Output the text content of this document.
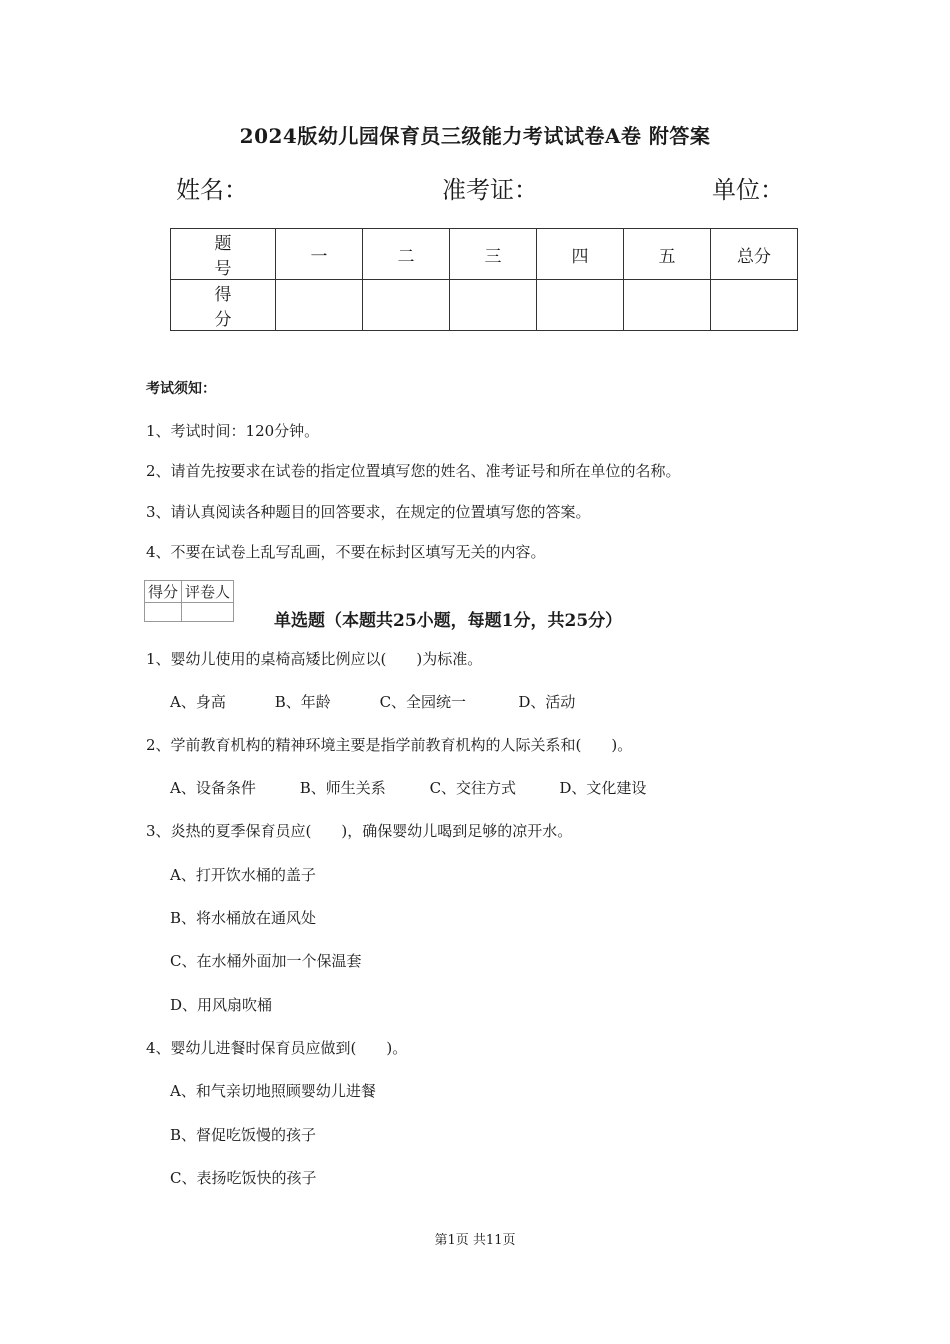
2024版幼儿园保育员三级能力考试试卷A卷 附答案
姓名：	准考证：	单位：
题 号	一	二	三	四	五	总分
得 分						
考试须知：
1、考试时间：120分钟。
2、请首先按要求在试卷的指定位置填写您的姓名、准考证号和所在单位的名称。
3、请认真阅读各种题目的回答要求，在规定的位置填写您的答案。
4、不要在试卷上乱写乱画，不要在标封区填写无关的内容。
得分	评卷人

单选题（本题共25小题，每题1分，共25分）
1、婴幼儿使用的桌椅高矮比例应以(　　)为标准。
A、身高	B、年龄	C、全园统一	D、活动
2、学前教育机构的精神环境主要是指学前教育机构的人际关系和(　　)。
A、设备条件	B、师生关系	C、交往方式	D、文化建设
3、炎热的夏季保育员应(　　)，确保婴幼儿喝到足够的凉开水。
A、打开饮水桶的盖子
B、将水桶放在通风处
C、在水桶外面加一个保温套
D、用风扇吹桶
4、婴幼儿进餐时保育员应做到(　　)。
A、和气亲切地照顾婴幼儿进餐
B、督促吃饭慢的孩子
C、表扬吃饭快的孩子
第1页 共11页
